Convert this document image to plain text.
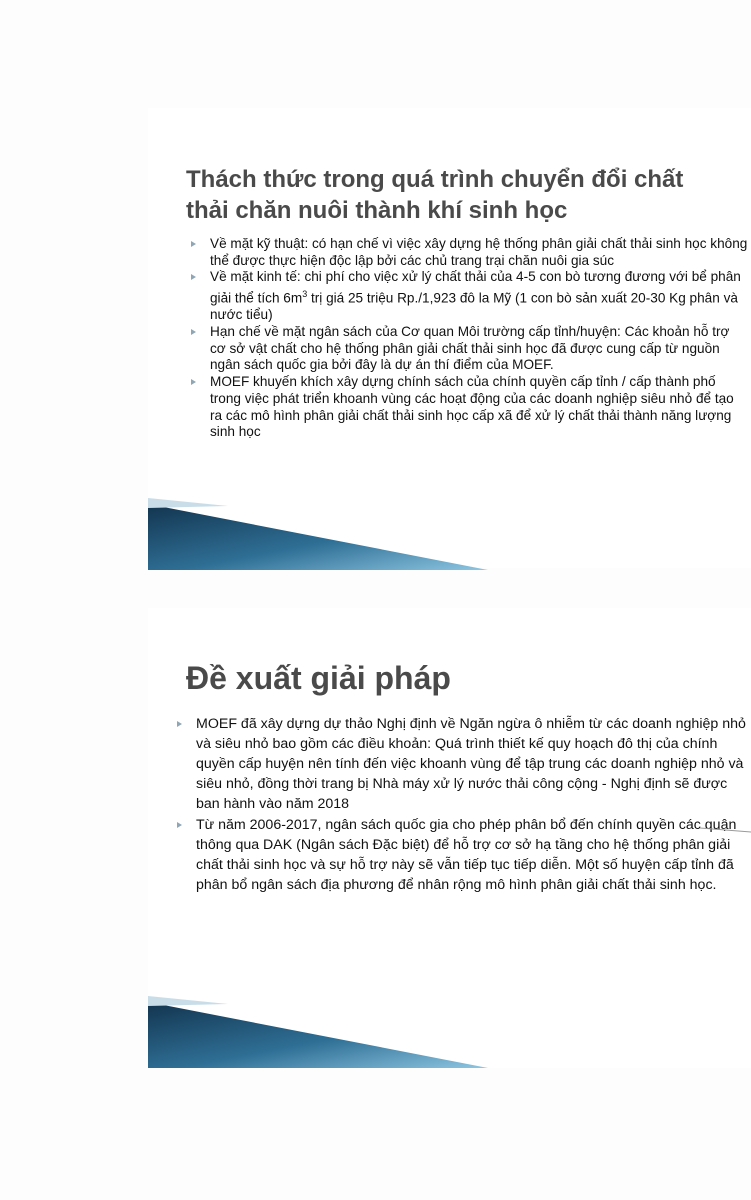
Thách thức trong quá trình chuyển đổi chất thải chăn nuôi thành khí sinh học
Về mặt kỹ thuật: có hạn chế vì việc xây dựng hệ thống phân giải chất thải sinh học không thể được thực hiện độc lập bởi các chủ trang trại chăn nuôi gia súc
Về mặt kinh tế: chi phí cho việc xử lý chất thải của 4-5 con bò tương đương với bể phân giải thể tích $6m^3$ trị giá 25 triệu Rp./1,923 đô la Mỹ (1 con bò sản xuất 20-30 Kg phân và nước tiểu)
Hạn chế về mặt ngân sách của Cơ quan Môi trường cấp tỉnh/huyện: Các khoản hỗ trợ cơ sở vật chất cho hệ thống phân giải chất thải sinh học đã được cung cấp từ nguồn ngân sách quốc gia bởi đây là dự án thí điểm của MOEF.
MOEF khuyến khích xây dựng chính sách của chính quyền cấp tỉnh / cấp thành phố trong việc phát triển khoanh vùng các hoạt động của các doanh nghiệp siêu nhỏ để tạo ra các mô hình phân giải chất thải sinh học cấp xã để xử lý chất thải thành năng lượng sinh học
Đề xuất giải pháp
MOEF đã xây dựng dự thảo Nghị định về Ngăn ngừa ô nhiễm từ các doanh nghiệp nhỏ và siêu nhỏ bao gồm các điều khoản: Quá trình thiết kế quy hoạch đô thị của chính quyền cấp huyện nên tính đến việc khoanh vùng để tập trung các doanh nghiệp nhỏ và siêu nhỏ, đồng thời trang bị Nhà máy xử lý nước thải công cộng - Nghị định sẽ được ban hành vào năm 2018
Từ năm 2006-2017, ngân sách quốc gia cho phép phân bổ đến chính quyền các quận thông qua DAK (Ngân sách Đặc biệt) để hỗ trợ cơ sở hạ tầng cho hệ thống phân giải chất thải sinh học và sự hỗ trợ này sẽ vẫn tiếp tục tiếp diễn. Một số huyện cấp tỉnh đã phân bổ ngân sách địa phương để nhân rộng mô hình phân giải chất thải sinh học.
